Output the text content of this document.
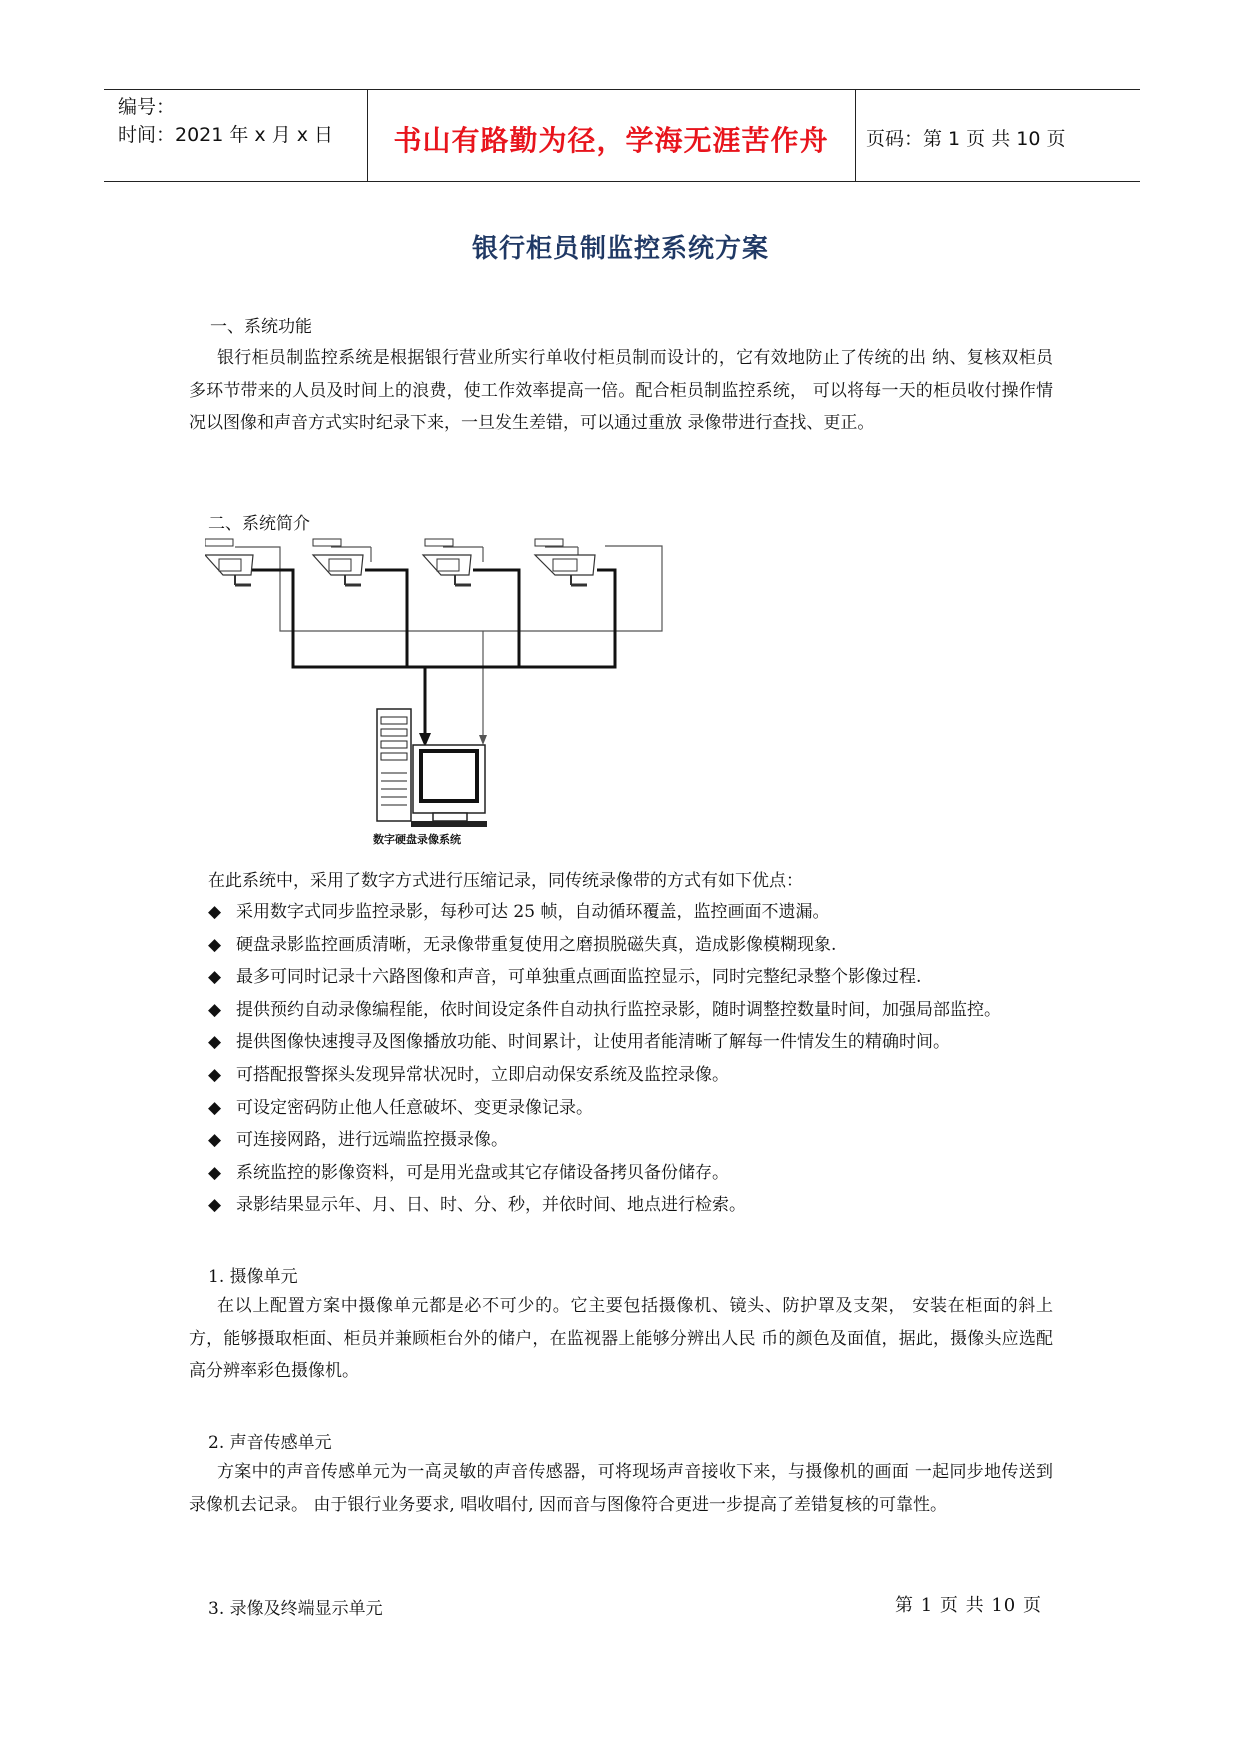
编号：
时间：2021 年 x 月 x 日	书山有路勤为径，学海无涯苦作舟	页码：第 1 页 共 10 页
银行柜员制监控系统方案
一、系统功能
银行柜员制监控系统是根据银行营业所实行单收付柜员制而设计的，它有效地防止了传统的出 纳、复核双柜员多环节带来的人员及时间上的浪费，使工作效率提高一倍。配合柜员制监控系统， 可以将每一天的柜员收付操作情况以图像和声音方式实时纪录下来，一旦发生差错，可以通过重放 录像带进行查找、更正。
二、系统简介
数字硬盘录像系统
在此系统中，采用了数字方式进行压缩记录，同传统录像带的方式有如下优点：
◆ 采用数字式同步监控录影，每秒可达 25 帧，自动循环覆盖，监控画面不遗漏。
◆ 硬盘录影监控画质清晰，无录像带重复使用之磨损脱磁失真，造成影像模糊现象.
◆ 最多可同时记录十六路图像和声音，可单独重点画面监控显示，同时完整纪录整个影像过程.
◆ 提供预约自动录像编程能，依时间设定条件自动执行监控录影，随时调整控数量时间，加强局部监控。
◆ 提供图像快速搜寻及图像播放功能、时间累计，让使用者能清晰了解每一件情发生的精确时间。
◆ 可搭配报警探头发现异常状况时，立即启动保安系统及监控录像。
◆ 可设定密码防止他人任意破坏、变更录像记录。
◆ 可连接网路，进行远端监控摄录像。
◆ 系统监控的影像资料，可是用光盘或其它存储设备拷贝备份储存。
◆ 录影结果显示年、月、日、时、分、秒，并依时间、地点进行检索。
1. 摄像单元
在以上配置方案中摄像单元都是必不可少的。它主要包括摄像机、镜头、防护罩及支架， 安装在柜面的斜上方，能够摄取柜面、柜员并兼顾柜台外的储户，在监视器上能够分辨出人民 币的颜色及面值，据此，摄像头应选配高分辨率彩色摄像机。
2. 声音传感单元
方案中的声音传感单元为一高灵敏的声音传感器，可将现场声音接收下来，与摄像机的画面 一起同步地传送到录像机去记录。 由于银行业务要求, 唱收唱付, 因而音与图像符合更进一步提高了差错复核的可靠性。
3. 录像及终端显示单元	第 1 页 共 10 页
